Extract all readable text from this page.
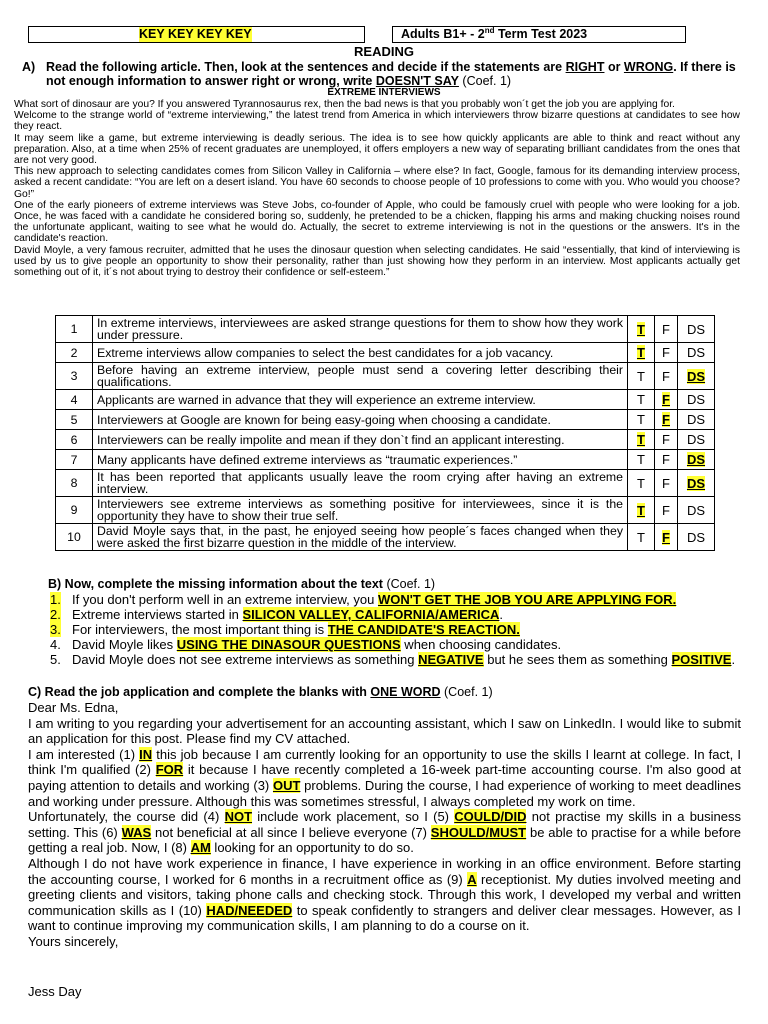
KEY KEY KEY KEY	Adults B1+ - 2nd Term Test 2023
READING
A) Read the following article. Then, look at the sentences and decide if the statements are RIGHT or WRONG. If there is not enough information to answer right or wrong, write DOESN'T SAY (Coef. 1)
EXTREME INTERVIEWS

What sort of dinosaur are you? If you answered Tyrannosaurus rex, then the bad news is that you probably won´t get the job you are applying for.

Welcome to the strange world of “extreme interviewing,” the latest trend from America in which interviewers throw bizarre questions at candidates to see how they react.

It may seem like a game, but extreme interviewing is deadly serious. The idea is to see how quickly applicants are able to think and react without any preparation. Also, at a time when 25% of recent graduates are unemployed, it offers employers a new way of separating brilliant candidates from the ones that are not very good.

This new approach to selecting candidates comes from Silicon Valley in California – where else? In fact, Google, famous for its demanding interview process, asked a recent candidate: “You are left on a desert island. You have 60 seconds to choose people of 10 professions to come with you. Who would you choose? Go!”

One of the early pioneers of extreme interviews was Steve Jobs, co-founder of Apple, who could be famously cruel with people who were looking for a job. Once, he was faced with a candidate he considered boring so, suddenly, he pretended to be a chicken, flapping his arms and making chucking noises round the unfortunate applicant, waiting to see what he would do. Actually, the secret to extreme interviewing is not in the questions or the answers. It's in the candidate's reaction.

David Moyle, a very famous recruiter, admitted that he uses the dinosaur question when selecting candidates. He said “essentially, that kind of interviewing is used by us to give people an opportunity to show their personality, rather than just showing how they perform in an interview. Most applicants actually get something out of it, it´s not about trying to destroy their confidence or self-esteem.”

1	In extreme interviews, interviewees are asked strange questions for them to show how they work under pressure.	T	F	DS
2	Extreme interviews allow companies to select the best candidates for a job vacancy.	T	F	DS
3	Before having an extreme interview, people must send a covering letter describing their qualifications.	T	F	DS
4	Applicants are warned in advance that they will experience an extreme interview.	T	F	DS
5	Interviewers at Google are known for being easy-going when choosing a candidate.	T	F	DS
6	Interviewers can be really impolite and mean if they don`t find an applicant interesting.	T	F	DS
7	Many applicants have defined extreme interviews as “traumatic experiences.”	T	F	DS
8	It has been reported that applicants usually leave the room crying after having an extreme interview.	T	F	DS
9	Interviewers see extreme interviews as something positive for interviewees, since it is the opportunity they have to show their true self.	T	F	DS
10	David Moyle says that, in the past, he enjoyed seeing how people´s faces changed when they were asked the first bizarre question in the middle of the interview.	T	F	DS
B) Now, complete the missing information about the text (Coef. 1)
1. If you don't perform well in an extreme interview, you WON'T GET THE JOB YOU ARE APPLYING FOR.
2. Extreme interviews started in SILICON VALLEY, CALIFORNIA/AMERICA.
3. For interviewers, the most important thing is THE CANDIDATE'S REACTION.
4. David Moyle likes USING THE DINASOUR QUESTIONS when choosing candidates.
5. David Moyle does not see extreme interviews as something NEGATIVE but he sees them as something POSITIVE.
C) Read the job application and complete the blanks with ONE WORD (Coef. 1)

Dear Ms. Edna,

I am writing to you regarding your advertisement for an accounting assistant, which I saw on LinkedIn. I would like to submit an application for this post. Please find my CV attached.

I am interested (1) IN this job because I am currently looking for an opportunity to use the skills I learnt at college. In fact, I think I'm qualified (2) FOR it because I have recently completed a 16-week part-time accounting course. I'm also good at paying attention to details and working (3) OUT problems. During the course, I had experience of working to meet deadlines and working under pressure. Although this was sometimes stressful, I always completed my work on time.

Unfortunately, the course did (4) NOT include work placement, so I (5) COULD/DID not practise my skills in a business setting. This (6) WAS not beneficial at all since I believe everyone (7) SHOULD/MUST be able to practise for a while before getting a real job. Now, I (8) AM looking for an opportunity to do so.

Although I do not have work experience in finance, I have experience in working in an office environment. Before starting the accounting course, I worked for 6 months in a recruitment office as (9) A receptionist. My duties involved meeting and greeting clients and visitors, taking phone calls and checking stock. Through this work, I developed my verbal and written communication skills as I (10) HAD/NEEDED to speak confidently to strangers and deliver clear messages. However, as I want to continue improving my communication skills, I am planning to do a course on it.

Yours sincerely,

Jess Day
